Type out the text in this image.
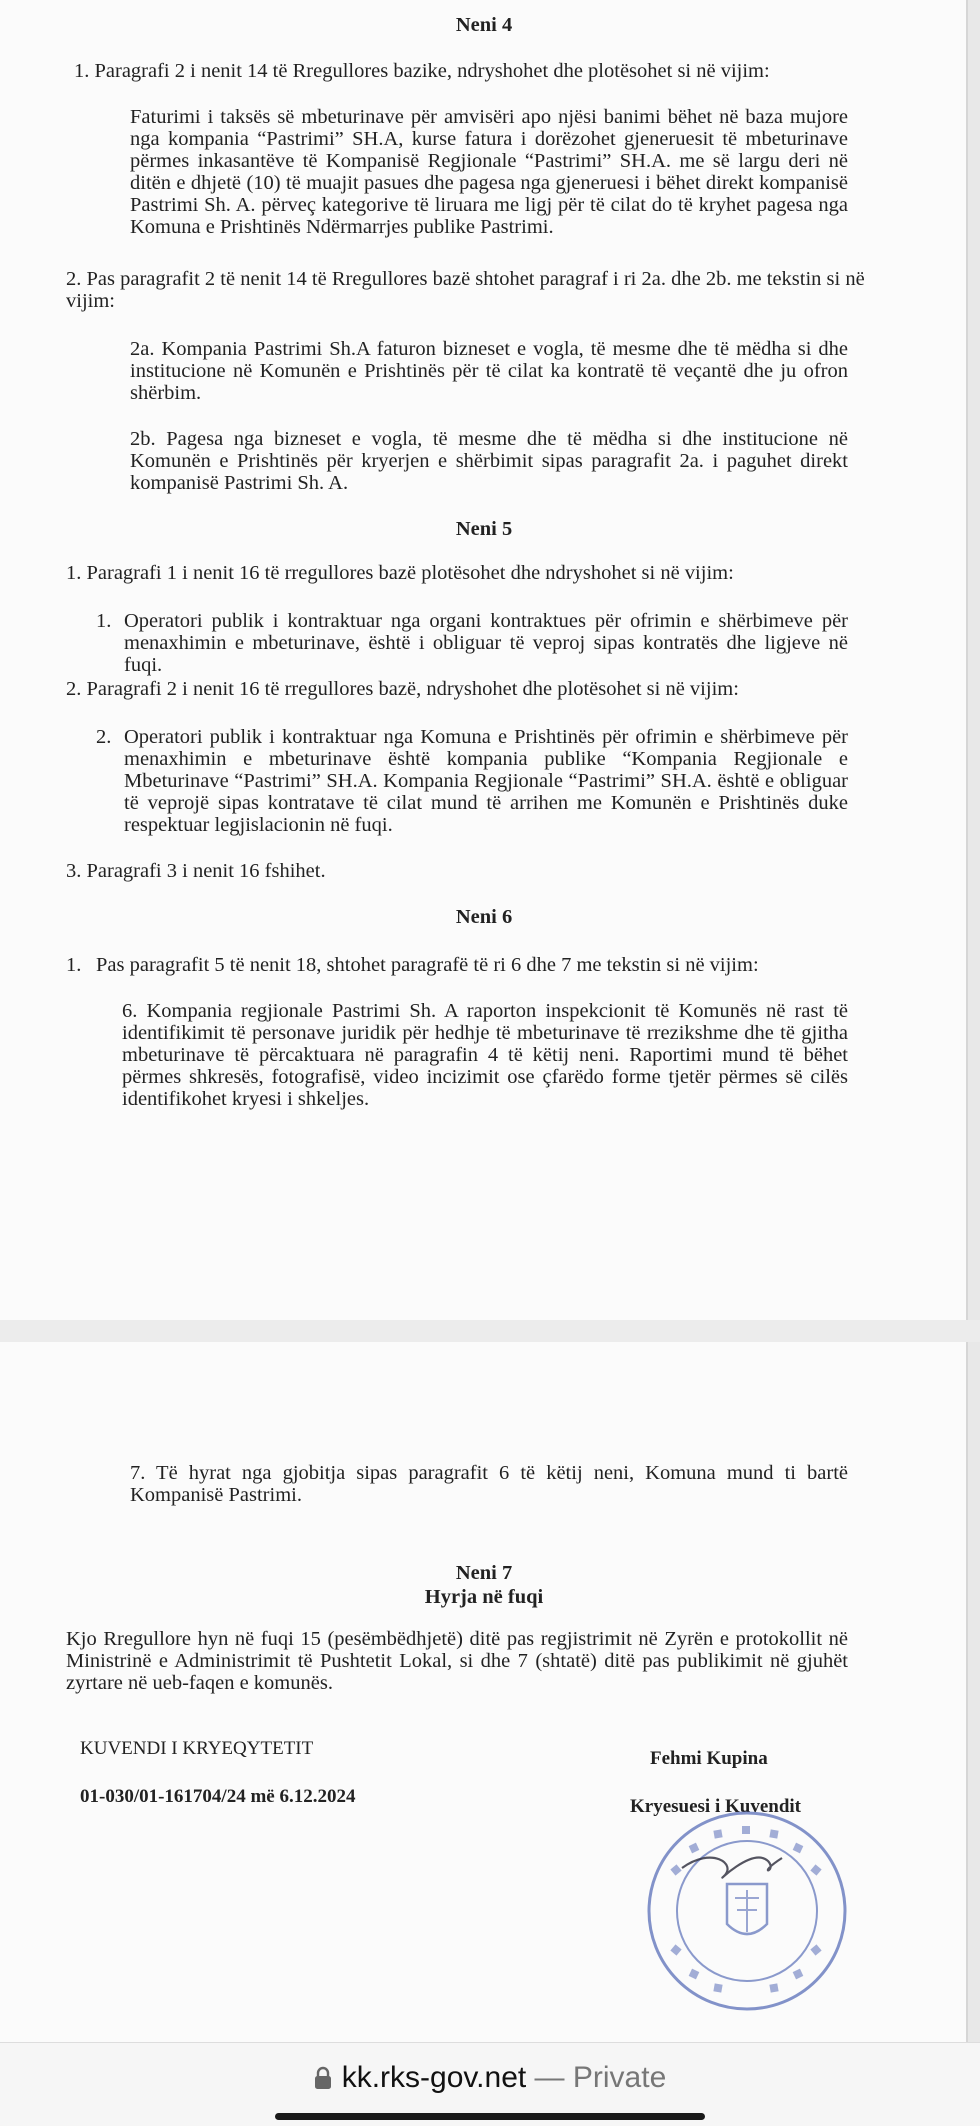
Neni 4
1. Paragrafi 2 i nenit 14 të Rregullores bazike, ndryshohet dhe plotësohet si në vijim:
Faturimi i taksës së mbeturinave për amvisëri apo njësi banimi bëhet në baza mujore nga kompania “Pastrimi” SH.A, kurse fatura i dorëzohet gjeneruesit të mbeturinave përmes inkasantëve të Kompanisë Regjionale “Pastrimi” SH.A. me së largu deri në ditën e dhjetë (10) të muajit pasues dhe pagesa nga gjeneruesi i bëhet direkt kompanisë Pastrimi Sh. A. përveç kategorive të liruara me ligj për të cilat do të kryhet pagesa nga Komuna e Prishtinës Ndërmarrjes publike Pastrimi.
2. Pas paragrafit 2 të nenit 14 të Rregullores bazë shtohet paragraf i ri 2a. dhe 2b. me tekstin si në vijim:
2a. Kompania Pastrimi Sh.A faturon bizneset e vogla, të mesme dhe të mëdha si dhe institucione në Komunën e Prishtinës për të cilat ka kontratë të veçantë dhe ju ofron shërbim.
2b. Pagesa nga bizneset e vogla, të mesme dhe të mëdha si dhe institucione në Komunën e Prishtinës për kryerjen e shërbimit sipas paragrafit 2a. i paguhet direkt kompanisë Pastrimi Sh. A.
Neni 5
1. Paragrafi 1 i nenit 16 të rregullores bazë plotësohet dhe ndryshohet si në vijim:
1. Operatori publik i kontraktuar nga organi kontraktues për ofrimin e shërbimeve për menaxhimin e mbeturinave, është i obliguar të veproj sipas kontratës dhe ligjeve në fuqi.
2. Paragrafi 2 i nenit 16 të rregullores bazë, ndryshohet dhe plotësohet si në vijim:
2. Operatori publik i kontraktuar nga Komuna e Prishtinës për ofrimin e shërbimeve për menaxhimin e mbeturinave është kompania publike “Kompania Regjionale e Mbeturinave “Pastrimi” SH.A. Kompania Regjionale “Pastrimi” SH.A. është e obliguar të veprojë sipas kontratave të cilat mund të arrihen me Komunën e Prishtinës duke respektuar legjislacionin në fuqi.
3. Paragrafi 3 i nenit 16 fshihet.
Neni 6
1. Pas paragrafit 5 të nenit 18, shtohet paragrafë të ri 6 dhe 7 me tekstin si në vijim:
6. Kompania regjionale Pastrimi Sh. A raporton inspekcionit të Komunës në rast të identifikimit të personave juridik për hedhje të mbeturinave të rrezikshme dhe të gjitha mbeturinave të përcaktuara në paragrafin 4 të këtij neni. Raportimi mund të bëhet përmes shkresës, fotografisë, video incizimit ose çfarëdo forme tjetër përmes së cilës identifikohet kryesi i shkeljes.
7. Të hyrat nga gjobitja sipas paragrafit 6 të këtij neni, Komuna mund ti bartë Kompanisë Pastrimi.
Neni 7
Hyrja në fuqi
Kjo Rregullore hyn në fuqi 15 (pesëmbëdhjetë) ditë pas regjistrimit në Zyrën e protokollit në Ministrinë e Administrimit të Pushtetit Lokal, si dhe 7 (shtatë) ditë pas publikimit në gjuhët zyrtare në ueb-faqen e komunës.
KUVENDI I KRYEQYTETIT
01-030/01-161704/24 më 6.12.2024
Fehmi Kupina
Kryesuesi i Kuvendit
kk.rks-gov.net — Private
